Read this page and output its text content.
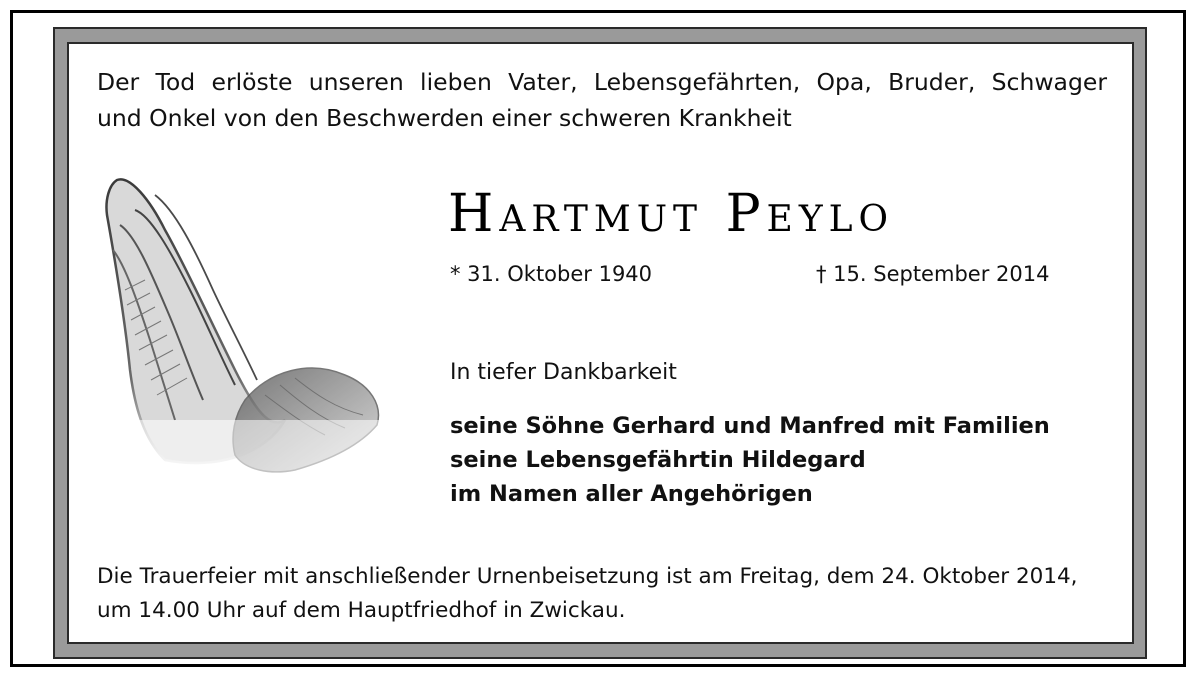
Der Tod erlöste unseren lieben Vater, Lebensgefährten, Opa, Bruder, Schwager
und Onkel von den Beschwerden einer schweren Krankheit
Hartmut Peylo
* 31. Oktober 1940	† 15. September 2014
In tiefer Dankbarkeit
seine Söhne Gerhard und Manfred mit Familien
seine Lebensgefährtin Hildegard
im Namen aller Angehörigen
Die Trauerfeier mit anschließender Urnenbeisetzung ist am Freitag, dem 24. Oktober 2014,
um 14.00 Uhr auf dem Hauptfriedhof in Zwickau.
